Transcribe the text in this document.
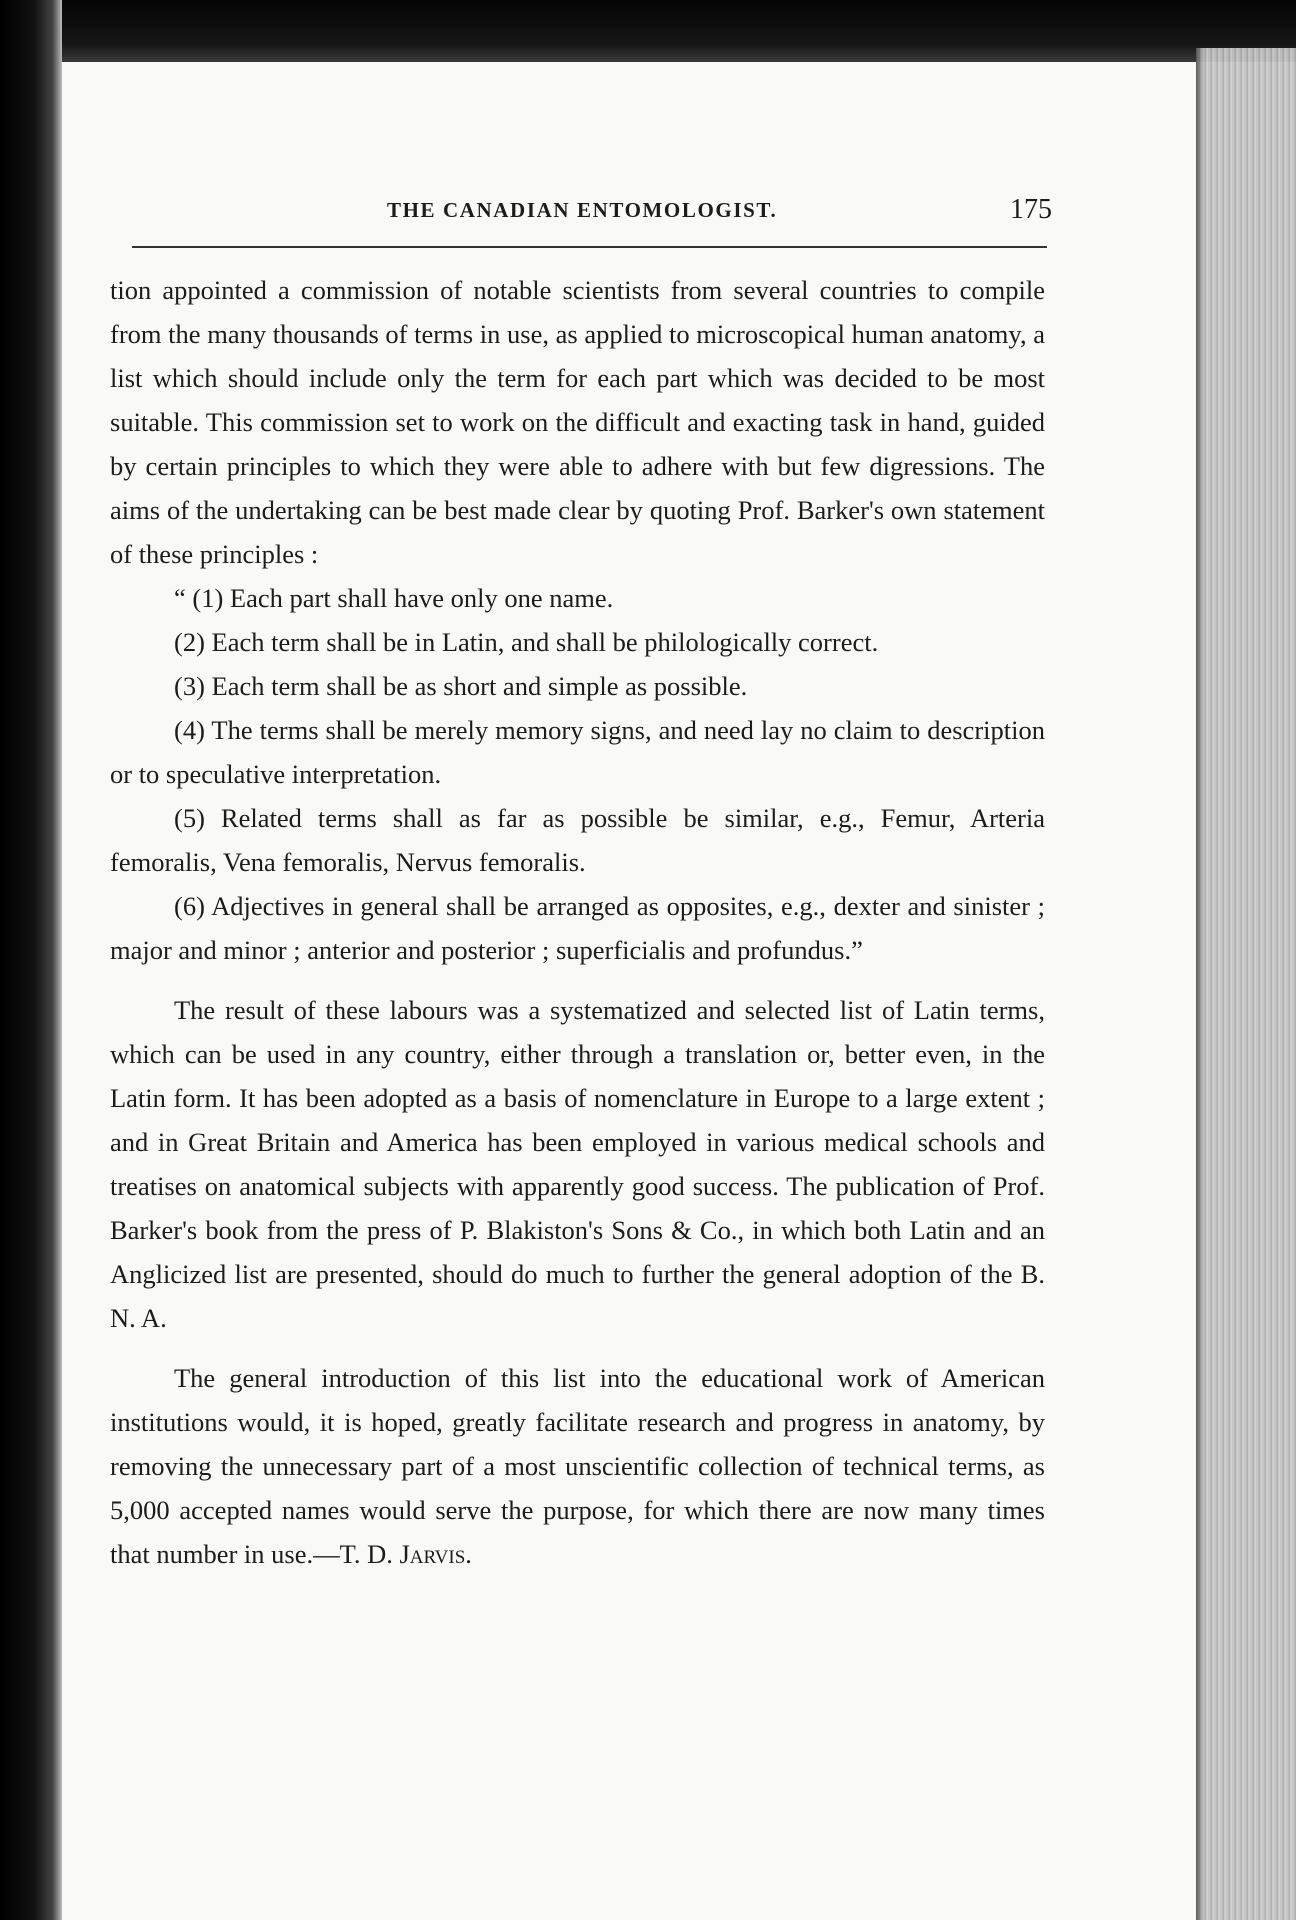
THE CANADIAN ENTOMOLOGIST.	175

tion appointed a commission of notable scientists from several countries to compile from the many thousands of terms in use, as applied to microscopical human anatomy, a list which should include only the term for each part which was decided to be most suitable. This commission set to work on the difficult and exacting task in hand, guided by certain principles to which they were able to adhere with but few digressions. The aims of the undertaking can be best made clear by quoting Prof. Barker's own statement of these principles :

“ (1) Each part shall have only one name.

(2) Each term shall be in Latin, and shall be philologically correct.

(3) Each term shall be as short and simple as possible.

(4) The terms shall be merely memory signs, and need lay no claim to description or to speculative interpretation.

(5) Related terms shall as far as possible be similar, e.g., Femur, Arteria femoralis, Vena femoralis, Nervus femoralis.

(6) Adjectives in general shall be arranged as opposites, e.g., dexter and sinister ; major and minor ; anterior and posterior ; superficialis and profundus.”

The result of these labours was a systematized and selected list of Latin terms, which can be used in any country, either through a translation or, better even, in the Latin form. It has been adopted as a basis of nomenclature in Europe to a large extent ; and in Great Britain and America has been employed in various medical schools and treatises on anatomical subjects with apparently good success. The publication of Prof. Barker's book from the press of P. Blakiston's Sons & Co., in which both Latin and an Anglicized list are presented, should do much to further the general adoption of the B. N. A.

The general introduction of this list into the educational work of American institutions would, it is hoped, greatly facilitate research and progress in anatomy, by removing the unnecessary part of a most unscientific collection of technical terms, as 5,000 accepted names would serve the purpose, for which there are now many times that number in use.—T. D. Jarvis.
